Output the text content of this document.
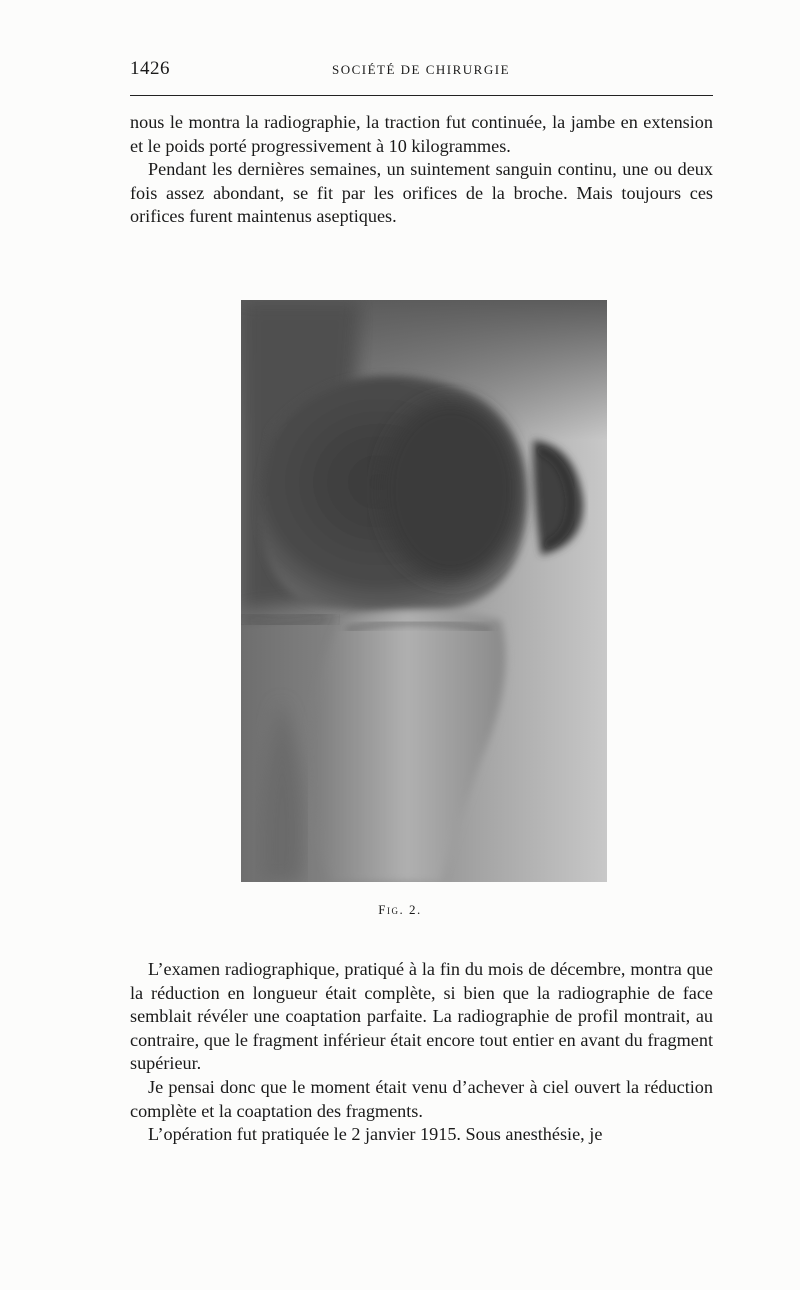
1426	SOCIÉTÉ DE CHIRURGIE

nous le montra la radiographie, la traction fut continuée, la jambe en extension et le poids porté progressivement à 10 kilogrammes.

Pendant les dernières semaines, un suintement sanguin continu, une ou deux fois assez abondant, se fit par les orifices de la broche. Mais toujours ces orifices furent maintenus aseptiques.

Fig. 2.

L’examen radiographique, pratiqué à la fin du mois de décembre, montra que la réduction en longueur était complète, si bien que la radiographie de face semblait révéler une coaptation parfaite. La radiographie de profil montrait, au contraire, que le fragment inférieur était encore tout entier en avant du fragment supérieur.

Je pensai donc que le moment était venu d’achever à ciel ouvert la réduction complète et la coaptation des fragments.

L’opération fut pratiquée le 2 janvier 1915. Sous anesthésie, je
